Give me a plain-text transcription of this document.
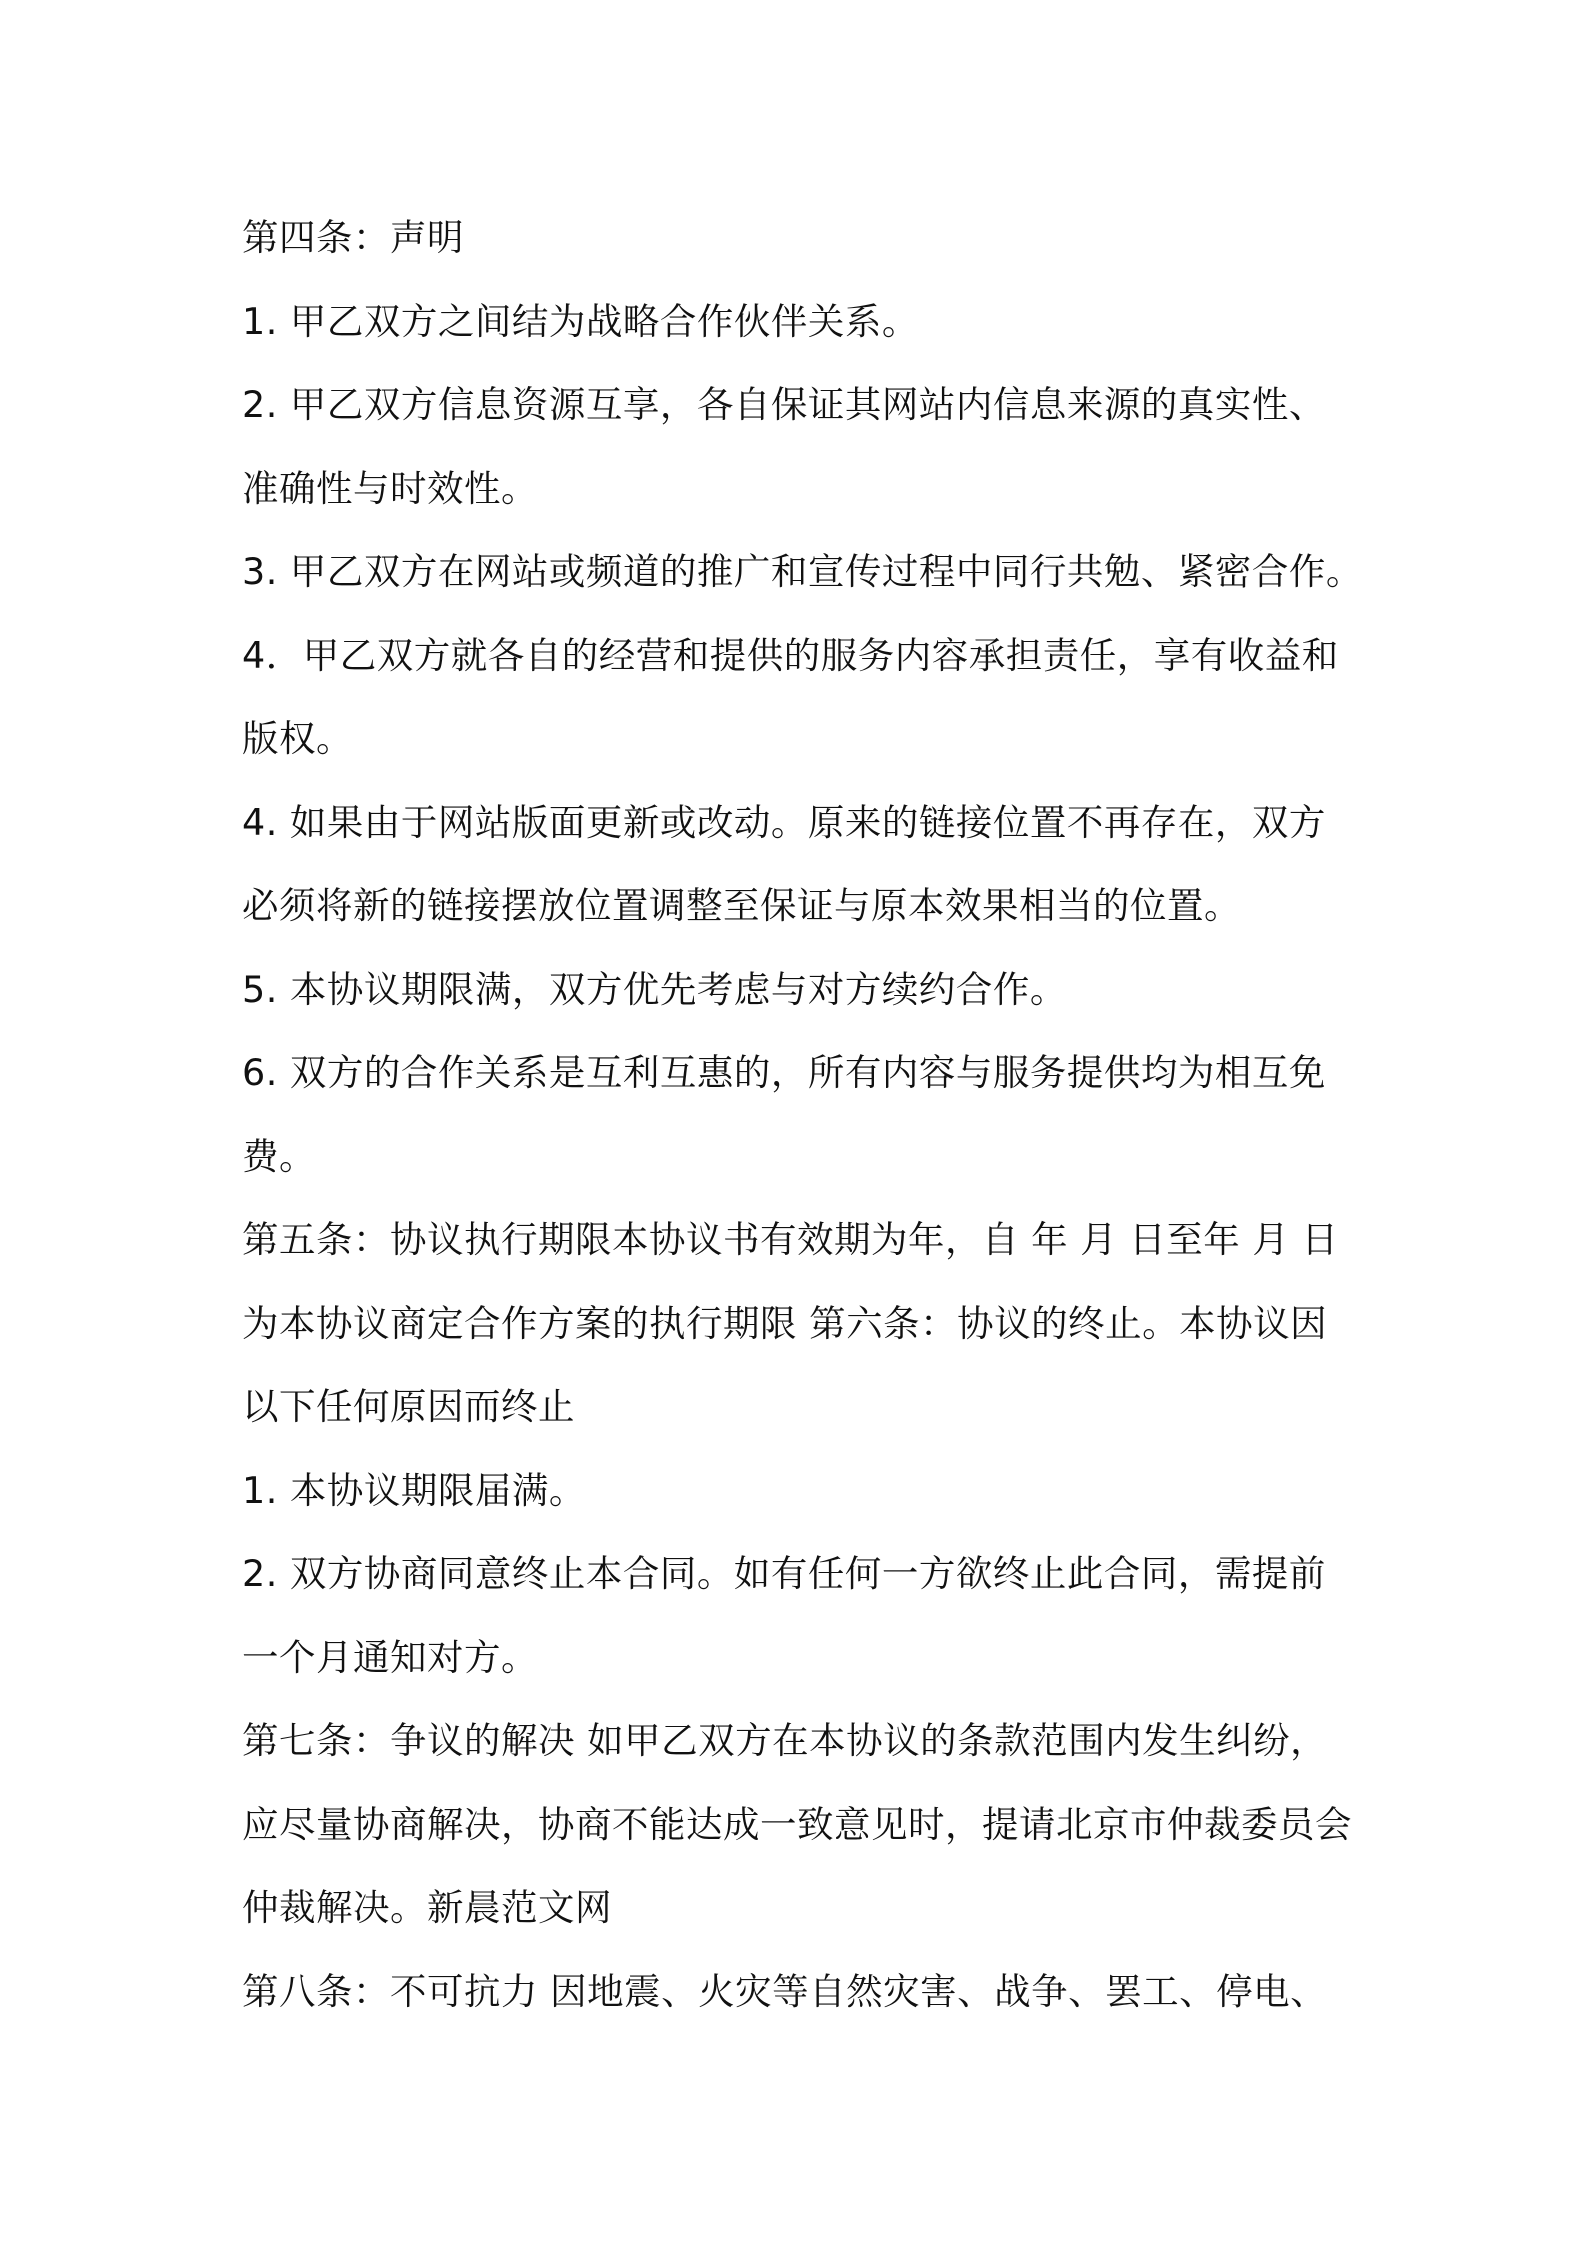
第四条：声明
1. 甲乙双方之间结为战略合作伙伴关系。
2. 甲乙双方信息资源互享，各自保证其网站内信息来源的真实性、
准确性与时效性。
3. 甲乙双方在网站或频道的推广和宣传过程中同行共勉、紧密合作。
4．甲乙双方就各自的经营和提供的服务内容承担责任，享有收益和
版权。
4. 如果由于网站版面更新或改动。原来的链接位置不再存在，双方
必须将新的链接摆放位置调整至保证与原本效果相当的位置。
5. 本协议期限满，双方优先考虑与对方续约合作。
6. 双方的合作关系是互利互惠的，所有内容与服务提供均为相互免
费。
第五条：协议执行期限本协议书有效期为年，自 年 月 日至年 月 日
为本协议商定合作方案的执行期限 第六条：协议的终止。本协议因
以下任何原因而终止
1. 本协议期限届满。
2. 双方协商同意终止本合同。如有任何一方欲终止此合同，需提前
一个月通知对方。
第七条：争议的解决 如甲乙双方在本协议的条款范围内发生纠纷，
应尽量协商解决，协商不能达成一致意见时，提请北京市仲裁委员会
仲裁解决。新晨范文网
第八条：不可抗力 因地震、火灾等自然灾害、战争、罢工、停电、
